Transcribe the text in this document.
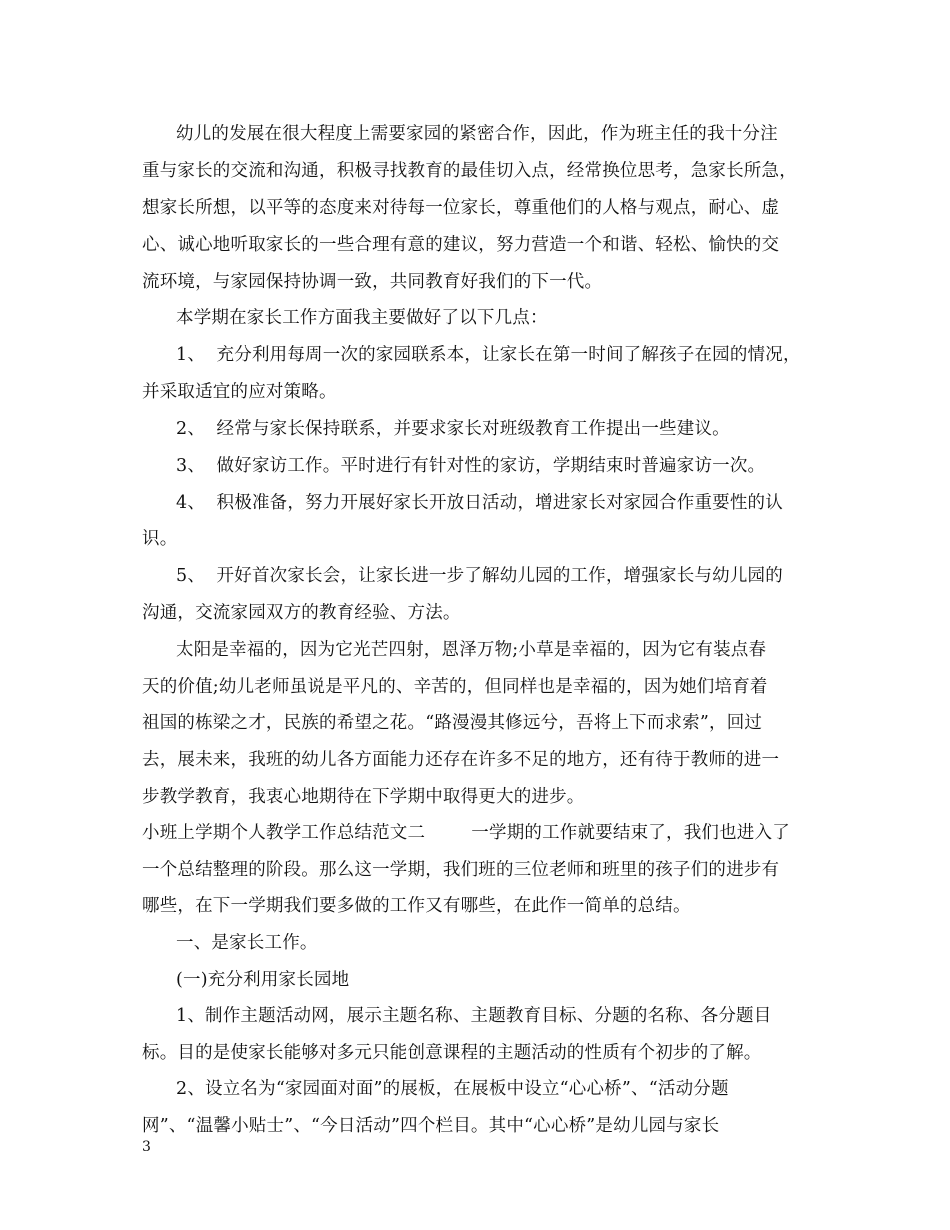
幼儿的发展在很大程度上需要家园的紧密合作，因此，作为班主任的我十分注
重与家长的交流和沟通，积极寻找教育的最佳切入点，经常换位思考，急家长所急，
想家长所想，以平等的态度来对待每一位家长，尊重他们的人格与观点，耐心、虚
心、诚心地听取家长的一些合理有意的建议，努力营造一个和谐、轻松、愉快的交
流环境，与家园保持协调一致，共同教育好我们的下一代。
本学期在家长工作方面我主要做好了以下几点：
1、  充分利用每周一次的家园联系本，让家长在第一时间了解孩子在园的情况，
并采取适宜的应对策略。
2、  经常与家长保持联系，并要求家长对班级教育工作提出一些建议。
3、  做好家访工作。平时进行有针对性的家访，学期结束时普遍家访一次。
4、  积极准备，努力开展好家长开放日活动，增进家长对家园合作重要性的认
识。
5、  开好首次家长会，让家长进一步了解幼儿园的工作，增强家长与幼儿园的
沟通，交流家园双方的教育经验、方法。
太阳是幸福的，因为它光芒四射，恩泽万物;小草是幸福的，因为它有装点春
天的价值;幼儿老师虽说是平凡的、辛苦的，但同样也是幸福的，因为她们培育着
祖国的栋梁之才，民族的希望之花。“路漫漫其修远兮，吾将上下而求索”，回过
去，展未来，我班的幼儿各方面能力还存在许多不足的地方，还有待于教师的进一
步教学教育，我衷心地期待在下学期中取得更大的进步。
小班上学期个人教学工作总结范文二        一学期的工作就要结束了，我们也进入了
一个总结整理的阶段。那么这一学期，我们班的三位老师和班里的孩子们的进步有
哪些，在下一学期我们要多做的工作又有哪些，在此作一简单的总结。
一、是家长工作。
(一)充分利用家长园地
1、制作主题活动网，展示主题名称、主题教育目标、分题的名称、各分题目
标。目的是使家长能够对多元只能创意课程的主题活动的性质有个初步的了解。
2、设立名为“家园面对面”的展板，在展板中设立“心心桥”、“活动分题
网”、“温馨小贴士”、“今日活动”四个栏目。其中“心心桥”是幼儿园与家长
3
